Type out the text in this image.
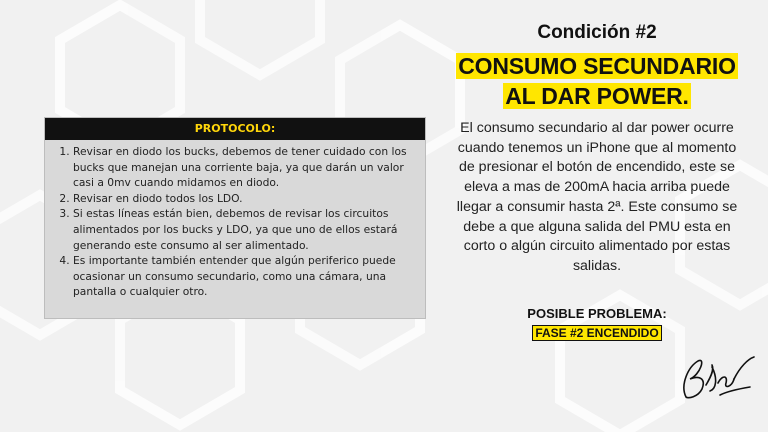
PROTOCOLO:
1. Revisar en diodo los bucks, debemos de tener cuidado con los bucks que manejan una corriente baja, ya que darán un valor casi a 0mv cuando midamos en diodo.
2. Revisar en diodo todos los LDO.
3. Si estas líneas están bien, debemos de revisar los circuitos alimentados por los bucks y LDO, ya que uno de ellos estará generando este consumo al ser alimentado.
4. Es importante también entender que algún periferico puede ocasionar un consumo secundario, como una cámara, una pantalla o cualquier otro.
Condición #2
CONSUMO SECUNDARIO
AL DAR POWER.
El consumo secundario al dar power ocurre cuando tenemos un iPhone que al momento de presionar el botón de encendido, este se eleva a mas de 200mA hacia arriba puede llegar a consumir hasta 2ª. Este consumo se debe a que alguna salida del PMU esta en corto o algún circuito alimentado por estas salidas.
POSIBLE PROBLEMA:
FASE #2 ENCENDIDO
